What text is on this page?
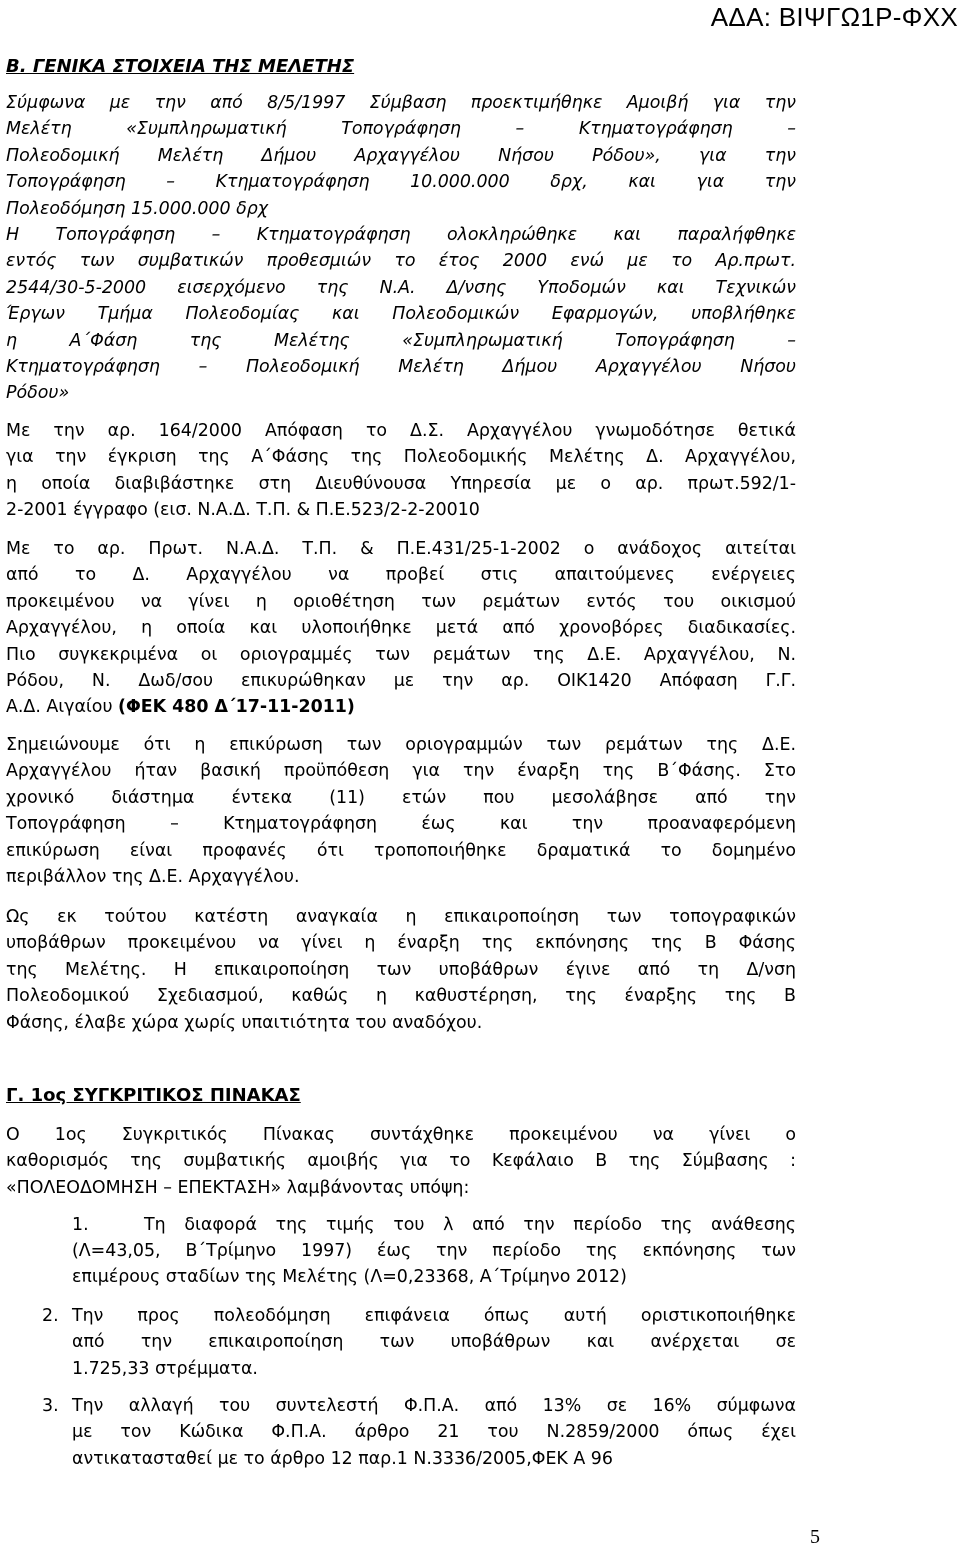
ΑΔΑ: ΒΙΨΓΩ1Ρ-ΦΧΧ
Β. ΓΕΝΙΚΑ ΣΤΟΙΧΕΙΑ ΤΗΣ ΜΕΛΕΤΗΣ
Σύμφωνα με την από 8/5/1997 Σύμβαση προεκτιμήθηκε Αμοιβή για την
Μελέτη «Συμπληρωματική Τοπογράφηση – Κτηματογράφηση –
Πολεοδομική Μελέτη Δήμου Αρχαγγέλου Νήσου Ρόδου», για την
Τοπογράφηση – Κτηματογράφηση 10.000.000 δρχ, και για την
Πολεοδόμηση 15.000.000 δρχ
Η Τοπογράφηση – Κτηματογράφηση ολοκληρώθηκε και παραλήφθηκε
εντός των συμβατικών προθεσμιών το έτος 2000 ενώ με το Αρ.πρωτ.
2544/30-5-2000 εισερχόμενο της Ν.Α. Δ/νσης Υποδομών και Τεχνικών
Έργων Τμήμα Πολεοδομίας και Πολεοδομικών Εφαρμογών, υποβλήθηκε
η Α΄Φάση της Μελέτης «Συμπληρωματική Τοπογράφηση –
Κτηματογράφηση – Πολεοδομική Μελέτη Δήμου Αρχαγγέλου Νήσου
Ρόδου»
Με την αρ. 164/2000 Απόφαση το Δ.Σ. Αρχαγγέλου γνωμοδότησε θετικά
για την έγκριση της Α΄Φάσης της Πολεοδομικής Μελέτης Δ. Αρχαγγέλου,
η οποία διαβιβάστηκε στη Διευθύνουσα Υπηρεσία με ο αρ. πρωτ.592/1-
2-2001 έγγραφο (εισ. Ν.Α.Δ. Τ.Π. & Π.Ε.523/2-2-20010
Με το αρ. Πρωτ. Ν.Α.Δ. Τ.Π. & Π.Ε.431/25-1-2002 ο ανάδοχος αιτείται
από το Δ. Αρχαγγέλου να προβεί στις απαιτούμενες ενέργειες
προκειμένου να γίνει η οριοθέτηση των ρεμάτων εντός του οικισμού
Αρχαγγέλου, η οποία και υλοποιήθηκε μετά από χρονοβόρες διαδικασίες.
Πιο συγκεκριμένα οι οριογραμμές των ρεμάτων της Δ.Ε. Αρχαγγέλου, Ν.
Ρόδου, Ν. Δωδ/σου επικυρώθηκαν με την αρ. ΟΙΚ1420 Απόφαση Γ.Γ.
Α.Δ. Αιγαίου (ΦΕΚ 480 Δ΄17-11-2011)
Σημειώνουμε ότι η επικύρωση των οριογραμμών των ρεμάτων της Δ.Ε.
Αρχαγγέλου ήταν βασική προϋπόθεση για την έναρξη της Β΄Φάσης. Στο
χρονικό διάστημα έντεκα (11) ετών που μεσολάβησε από την
Τοπογράφηση – Κτηματογράφηση έως και την προαναφερόμενη
επικύρωση είναι προφανές ότι τροποποιήθηκε δραματικά το δομημένο
περιβάλλον της Δ.Ε. Αρχαγγέλου.
Ως εκ τούτου κατέστη αναγκαία η επικαιροποίηση των τοπογραφικών
υποβάθρων προκειμένου να γίνει η έναρξη της εκπόνησης της Β Φάσης
της Μελέτης. Η επικαιροποίηση των υποβάθρων έγινε από τη Δ/νση
Πολεοδομικού Σχεδιασμού, καθώς η καθυστέρηση, της έναρξης της Β
Φάσης, έλαβε χώρα χωρίς υπαιτιότητα του αναδόχου.
Γ. 1ος ΣΥΓΚΡΙΤΙΚΟΣ ΠΙΝΑΚΑΣ
Ο 1ος Συγκριτικός Πίνακας συντάχθηκε προκειμένου να γίνει ο
καθορισμός της συμβατικής αμοιβής για το Κεφάλαιο Β της Σύμβασης :
«ΠΟΛΕΟΔΟΜΗΣΗ – ΕΠΕΚΤΑΣΗ» λαμβάνοντας υπόψη:
1.	Τη διαφορά της τιμής του λ από την περίοδο της ανάθεσης
(Λ=43,05, Β΄Τρίμηνο 1997) έως την περίοδο της εκπόνησης των
επιμέρους σταδίων της Μελέτης (Λ=0,23368, Α΄Τρίμηνο 2012)
2. Την προς πολεοδόμηση επιφάνεια όπως αυτή οριστικοποιήθηκε
από την επικαιροποίηση των υποβάθρων και ανέρχεται σε
1.725,33 στρέμματα.
3. Την αλλαγή του συντελεστή Φ.Π.Α. από 13% σε 16% σύμφωνα
με τον Κώδικα Φ.Π.Α. άρθρο 21 του Ν.2859/2000 όπως έχει
αντικατασταθεί με το άρθρο 12 παρ.1 Ν.3336/2005,ΦΕΚ Α 96
5
